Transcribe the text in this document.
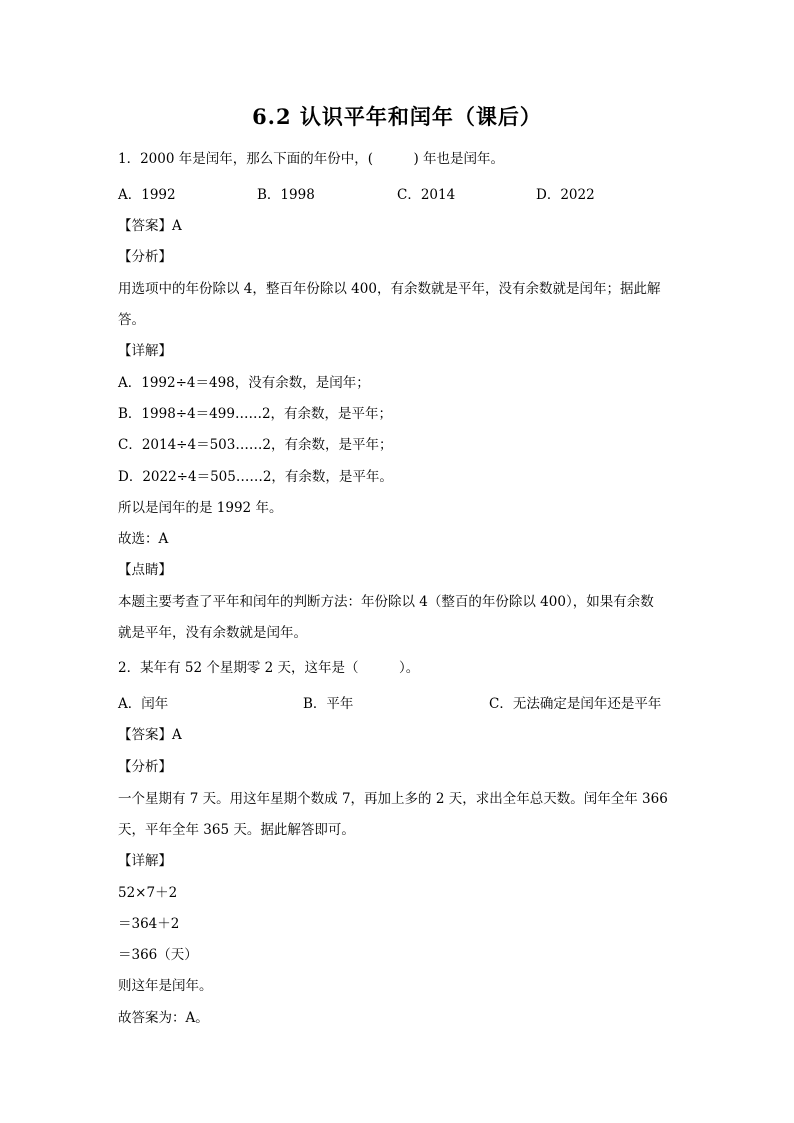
6.2 认识平年和闰年（课后）
1．2000 年是闰年，那么下面的年份中，(　　　) 年也是闰年。
A．1992	B．1998	C．2014	D．2022
【答案】A
【分析】
用选项中的年份除以 4，整百年份除以 400，有余数就是平年，没有余数就是闰年；据此解
答。
【详解】
A．1992÷4＝498，没有余数，是闰年；
B．1998÷4＝499……2，有余数，是平年；
C．2014÷4＝503……2，有余数，是平年；
D．2022÷4＝505……2，有余数，是平年。
所以是闰年的是 1992 年。
故选：A
【点睛】
本题主要考查了平年和闰年的判断方法：年份除以 4（整百的年份除以 400），如果有余数
就是平年，没有余数就是闰年。
2．某年有 52 个星期零 2 天，这年是（　　　）。
A．闰年	B．平年	C．无法确定是闰年还是平年
【答案】A
【分析】
一个星期有 7 天。用这年星期个数成 7，再加上多的 2 天，求出全年总天数。闰年全年 366
天，平年全年 365 天。据此解答即可。
【详解】
52×7＋2
＝364＋2
＝366（天）
则这年是闰年。
故答案为：A。
